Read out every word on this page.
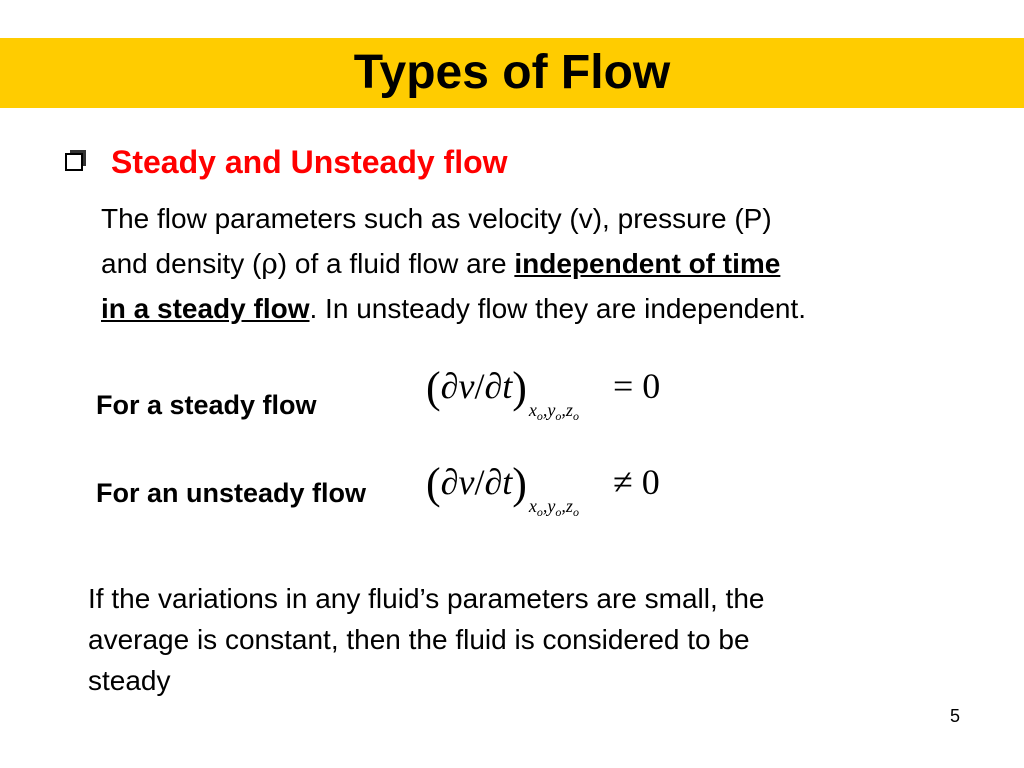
Types of Flow
Steady and Unsteady flow
The flow parameters such as velocity (v), pressure (P)
and density (ρ) of a fluid flow are independent of time
in a steady flow. In unsteady flow they are independent.
For a steady flow (∂v/∂t) $x_o,y_o,z_o= 0$
For an unsteady flow (∂v/∂t) $x_o,y_o,z_o\ne 0$
If the variations in any fluid’s parameters are small, the
average is constant, then the fluid is considered to be
steady
5
